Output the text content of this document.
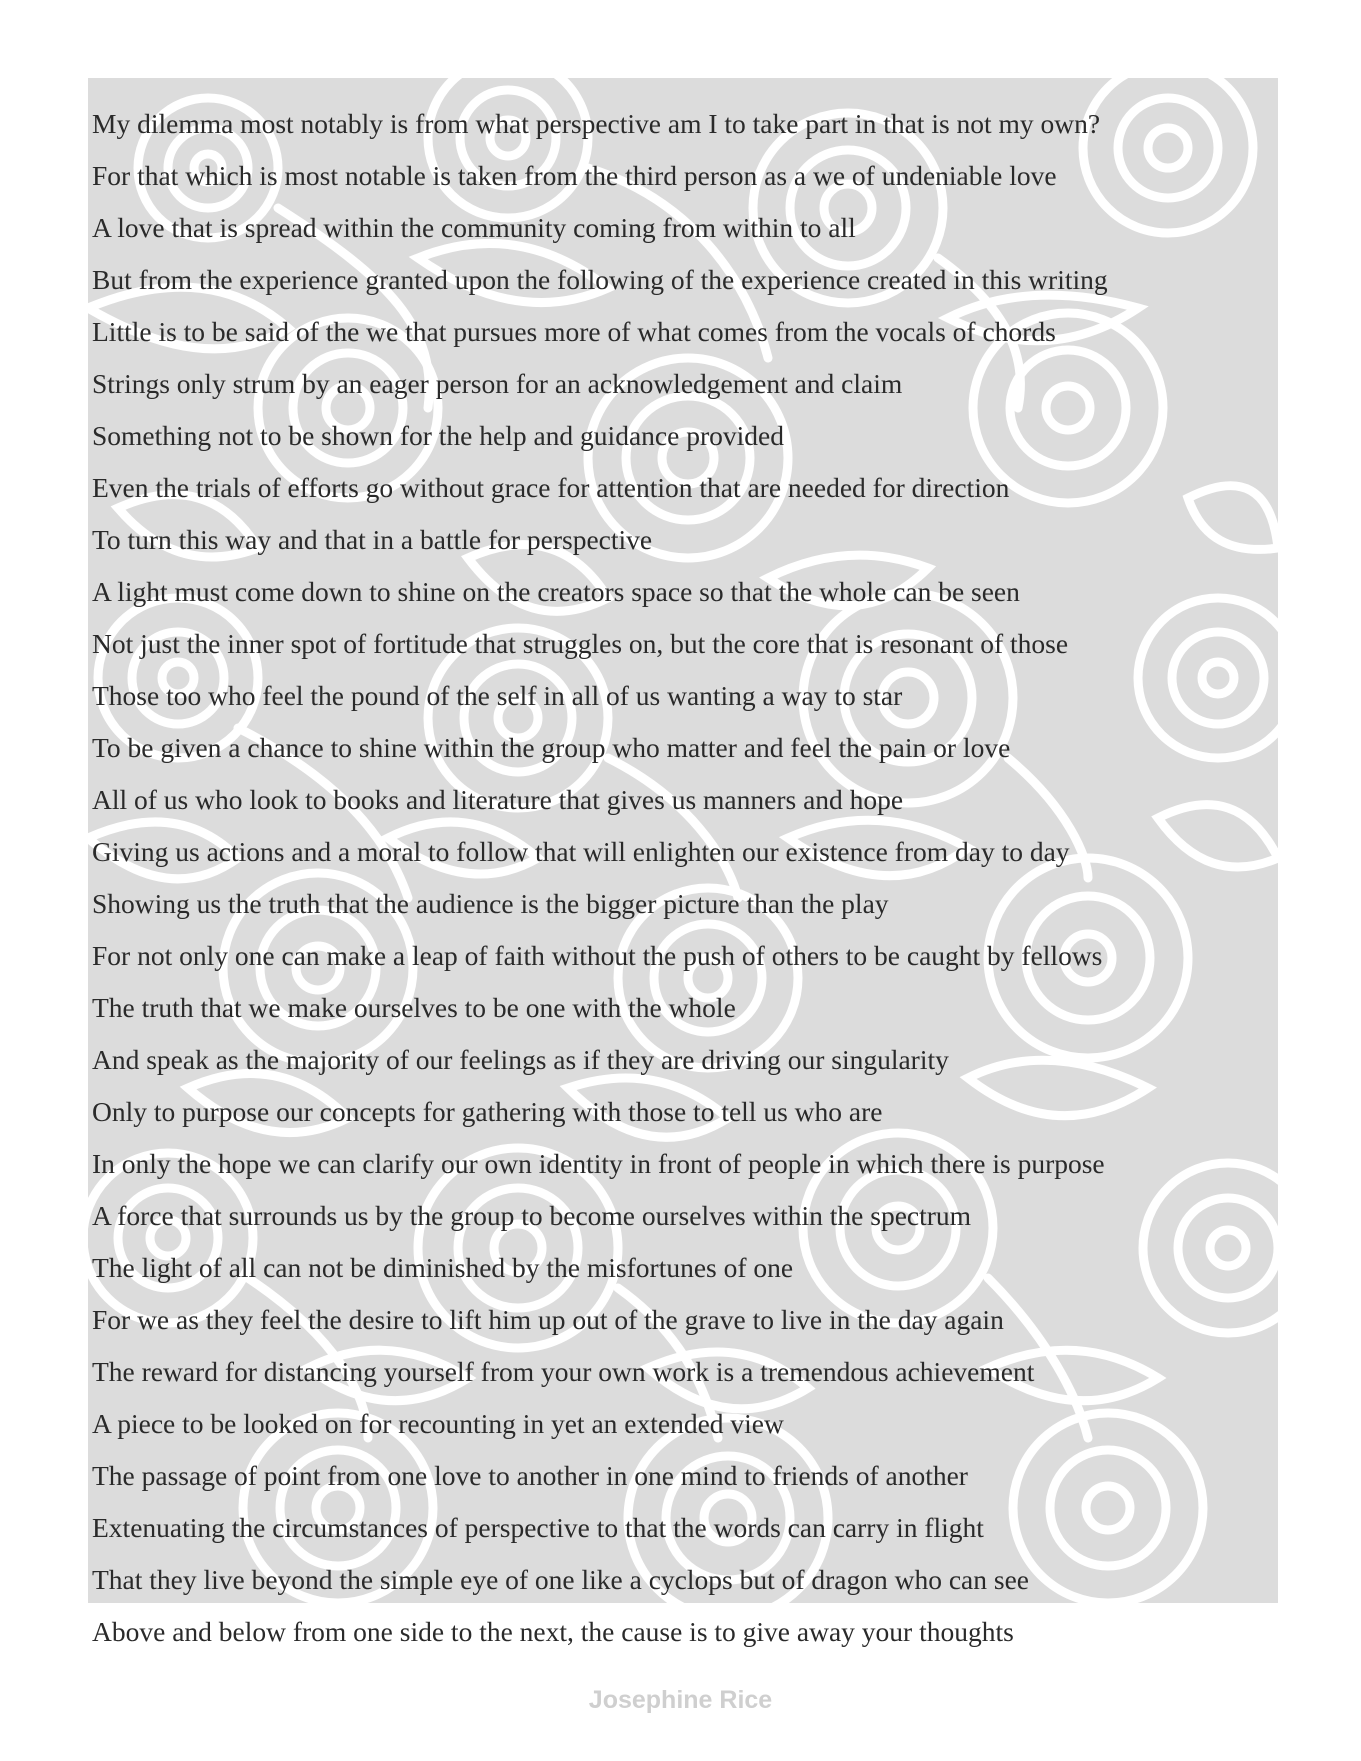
My dilemma most notably is from what perspective am I to take part in that is not my own?
For that which is most notable is taken from the third person as a we of undeniable love
A love that is spread within the community coming from within to all
But from the experience granted upon the following of the experience created in this writing
Little is to be said of the we that pursues more of what comes from the vocals of chords
Strings only strum by an eager person for an acknowledgement and claim
Something not to be shown for the help and guidance provided
Even the trials of efforts go without grace for attention that are needed for direction
To turn this way and that in a battle for perspective
A light must come down to shine on the creators space so that the whole can be seen
Not just the inner spot of fortitude that struggles on, but the core that is resonant of those
Those too who feel the pound of the self in all of us wanting a way to star
To be given a chance to shine within the group who matter and feel the pain or love
All of us who look to books and literature that gives us manners and hope
Giving us actions and a moral to follow that will enlighten our existence from day to day
Showing us the truth that the audience is the bigger picture than the play
For not only one can make a leap of faith without the push of others to be caught by fellows
The truth that we make ourselves to be one with the whole
And speak as the majority of our feelings as if they are driving our singularity
Only to purpose our concepts for gathering with those to tell us who are
In only the hope we can clarify our own identity in front of people in which there is purpose
A force that surrounds us by the group to become ourselves within the spectrum
The light of all can not be diminished by the misfortunes of one
For we as they feel the desire to lift him up out of the grave to live in the day again
The reward for distancing yourself from your own work is a tremendous achievement
A piece to be looked on for recounting in yet an extended view
The passage of point from one love to another in one mind to friends of another
Extenuating the circumstances of perspective to that the words can carry in flight
That they live beyond the simple eye of one like a cyclops but of dragon who can see
Above and below from one side to the next, the cause is to give away your thoughts
Josephine Rice
